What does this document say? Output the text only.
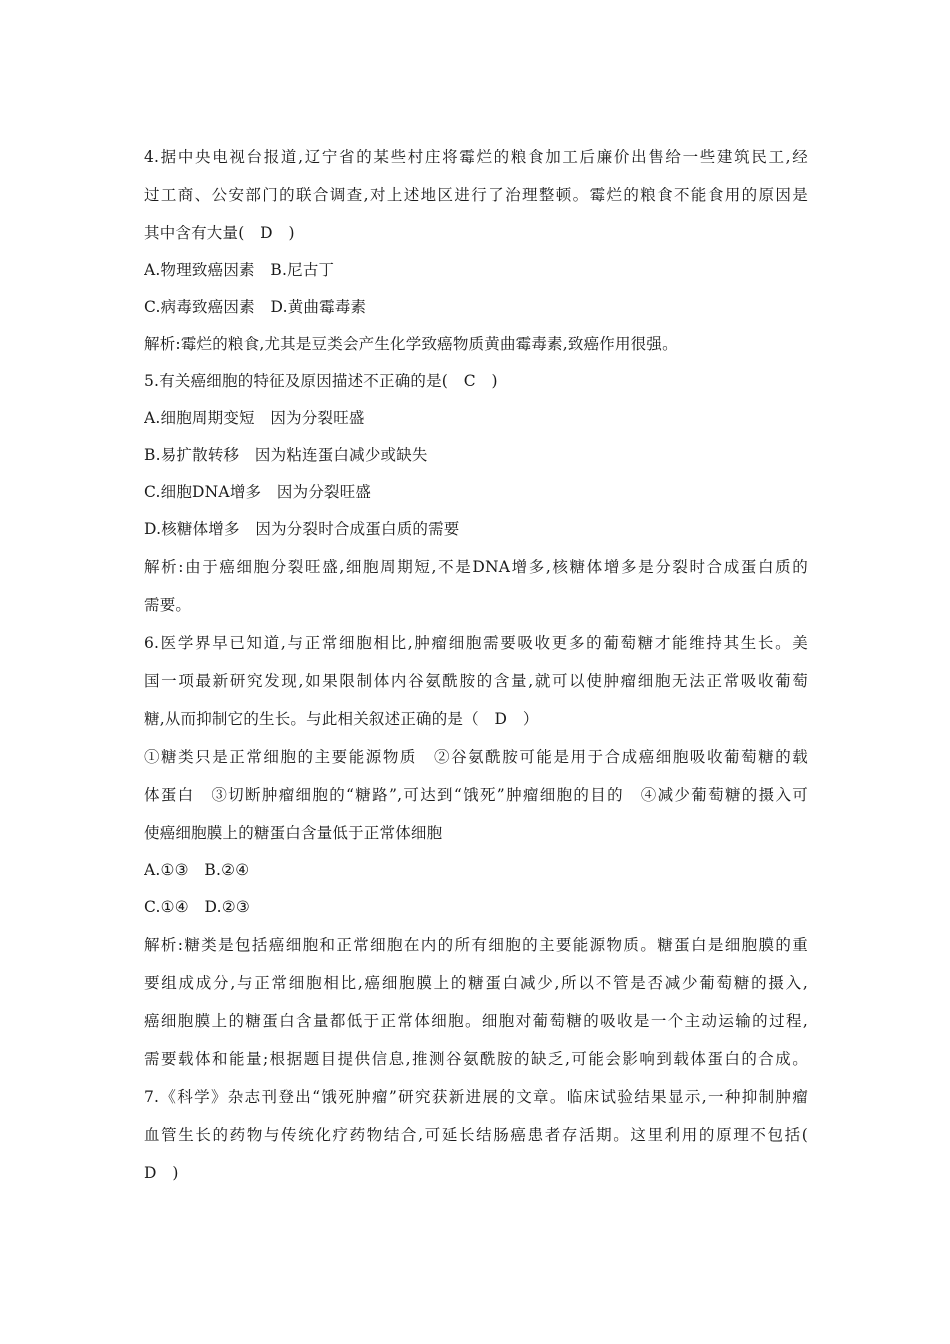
4.据中央电视台报道,辽宁省的某些村庄将霉烂的粮食加工后廉价出售给一些建筑民工,经
过工商、公安部门的联合调查,对上述地区进行了治理整顿。霉烂的粮食不能食用的原因是
其中含有大量(　D　)
A.物理致癌因素　B.尼古丁
C.病毒致癌因素　D.黄曲霉毒素
解析:霉烂的粮食,尤其是豆类会产生化学致癌物质黄曲霉毒素,致癌作用很强。
5.有关癌细胞的特征及原因描述不正确的是(　C　)
A.细胞周期变短　因为分裂旺盛
B.易扩散转移　因为粘连蛋白减少或缺失
C.细胞DNA增多　因为分裂旺盛
D.核糖体增多　因为分裂时合成蛋白质的需要
解析:由于癌细胞分裂旺盛,细胞周期短,不是DNA增多,核糖体增多是分裂时合成蛋白质的
需要。
6.医学界早已知道,与正常细胞相比,肿瘤细胞需要吸收更多的葡萄糖才能维持其生长。美
国一项最新研究发现,如果限制体内谷氨酰胺的含量,就可以使肿瘤细胞无法正常吸收葡萄
糖,从而抑制它的生长。与此相关叙述正确的是（　D　）
①糖类只是正常细胞的主要能源物质　②谷氨酰胺可能是用于合成癌细胞吸收葡萄糖的载
体蛋白　③切断肿瘤细胞的“糖路”,可达到“饿死”肿瘤细胞的目的　④减少葡萄糖的摄入可
使癌细胞膜上的糖蛋白含量低于正常体细胞
A.①③　B.②④
C.①④　D.②③
解析:糖类是包括癌细胞和正常细胞在内的所有细胞的主要能源物质。糖蛋白是细胞膜的重
要组成成分,与正常细胞相比,癌细胞膜上的糖蛋白减少,所以不管是否减少葡萄糖的摄入,
癌细胞膜上的糖蛋白含量都低于正常体细胞。细胞对葡萄糖的吸收是一个主动运输的过程,
需要载体和能量;根据题目提供信息,推测谷氨酰胺的缺乏,可能会影响到载体蛋白的合成。
7.《科学》杂志刊登出“饿死肿瘤”研究获新进展的文章。临床试验结果显示,一种抑制肿瘤
血管生长的药物与传统化疗药物结合,可延长结肠癌患者存活期。这里利用的原理不包括(
D　)
